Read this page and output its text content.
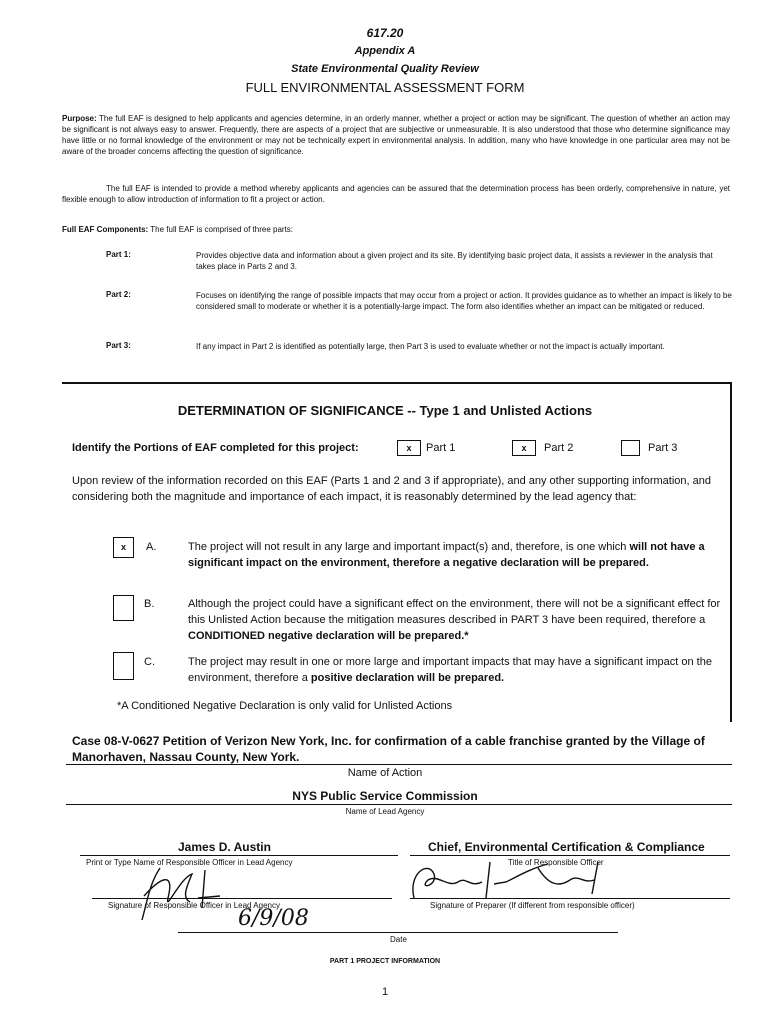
617.20
Appendix A
State Environmental Quality Review
FULL ENVIRONMENTAL ASSESSMENT FORM
Purpose: The full EAF is designed to help applicants and agencies determine, in an orderly manner, whether a project or action may be significant. The question of whether an action may be significant is not always easy to answer. Frequently, there are aspects of a project that are subjective or unmeasurable. It is also understood that those who determine significance may have little or no formal knowledge of the environment or may not be technically expert in environmental analysis. In addition, many who have knowledge in one particular area may not be aware of the broader concerns affecting the question of significance.
The full EAF is intended to provide a method whereby applicants and agencies can be assured that the determination process has been orderly, comprehensive in nature, yet flexible enough to allow introduction of information to fit a project or action.
Full EAF Components: The full EAF is comprised of three parts:
Part 1:	Provides objective data and information about a given project and its site. By identifying basic project data, it assists a reviewer in the analysis that takes place in Parts 2 and 3.
Part 2:	Focuses on identifying the range of possible impacts that may occur from a project or action. It provides guidance as to whether an impact is likely to be considered small to moderate or whether it is a potentially-large impact. The form also identifies whether an impact can be mitigated or reduced.
Part 3:	If any impact in Part 2 is identified as potentially large, then Part 3 is used to evaluate whether or not the impact is actually important.
DETERMINATION OF SIGNIFICANCE -- Type 1 and Unlisted Actions
Identify the Portions of EAF completed for this project:	x	Part 1	x	Part 2	Part 3
Upon review of the information recorded on this EAF (Parts 1 and 2 and 3 if appropriate), and any other supporting information, and considering both the magnitude and importance of each impact, it is reasonably determined by the lead agency that:
x	A.	The project will not result in any large and important impact(s) and, therefore, is one which will not have a significant impact on the environment, therefore a negative declaration will be prepared.
B.	Although the project could have a significant effect on the environment, there will not be a significant effect for this Unlisted Action because the mitigation measures described in PART 3 have been required, therefore a CONDITIONED negative declaration will be prepared.*
C.	The project may result in one or more large and important impacts that may have a significant impact on the environment, therefore a positive declaration will be prepared.
*A Conditioned Negative Declaration is only valid for Unlisted Actions
Case 08-V-0627 Petition of Verizon New York, Inc. for confirmation of a cable franchise granted by the Village of Manorhaven, Nassau County, New York.
Name of Action
NYS Public Service Commission
Name of Lead Agency
James D. Austin
Print or Type Name of Responsible Officer in Lead Agency
Chief, Environmental Certification & Compliance
Title of Responsible Officer
Signature of Responsible Officer in Lead Agency	Signature of Preparer (If different from responsible officer)
6/9/08
Date
PART 1 PROJECT INFORMATION
1
